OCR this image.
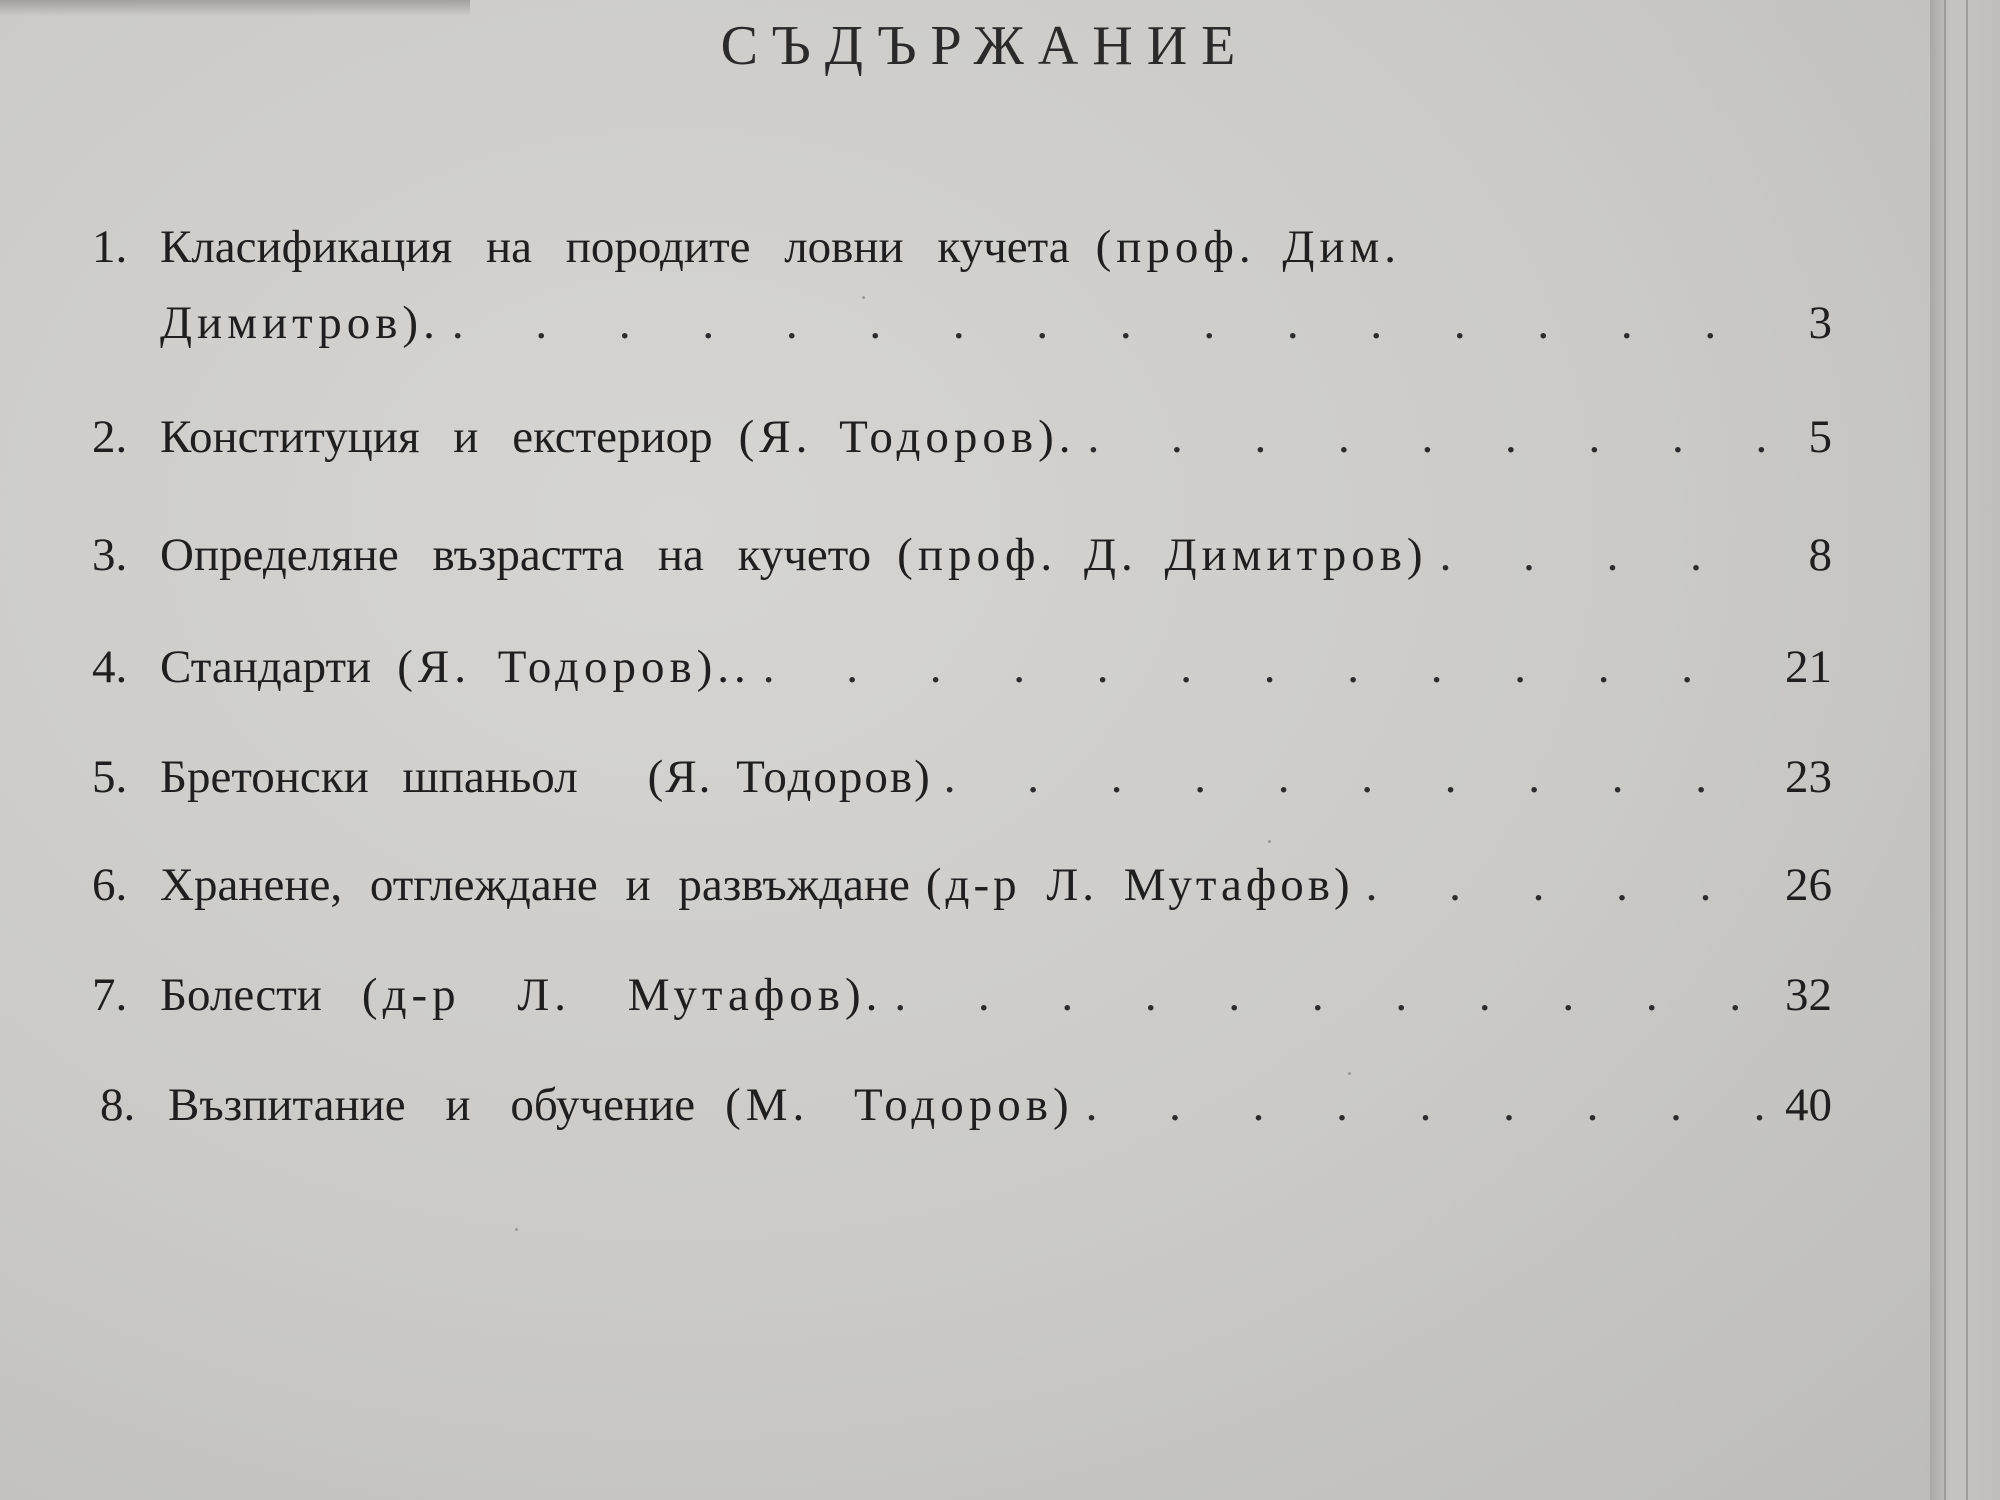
СЪДЪРЖАНИЕ
1. Класификация на породите ловни кучета (проф. Дим.
Димитров). . . .	3
2. Конституция и екстериор (Я. Тодоров). . . .	5
3. Определяне възрастта на кучето (проф. Д. Димитров) . . .	8
4. Стандарти (Я. Тодоров).. . . .	21
5. Бретонски шпаньол (Я. Тодоров) . . .	23
6. Хранене, отглеждане и развъждане (д-р Л. Мутафов) . . .	26
7. Болести (д-р Л. Мутафов). . . .	32
8. Възпитание и обучение (М. Тодоров) . . .	40
